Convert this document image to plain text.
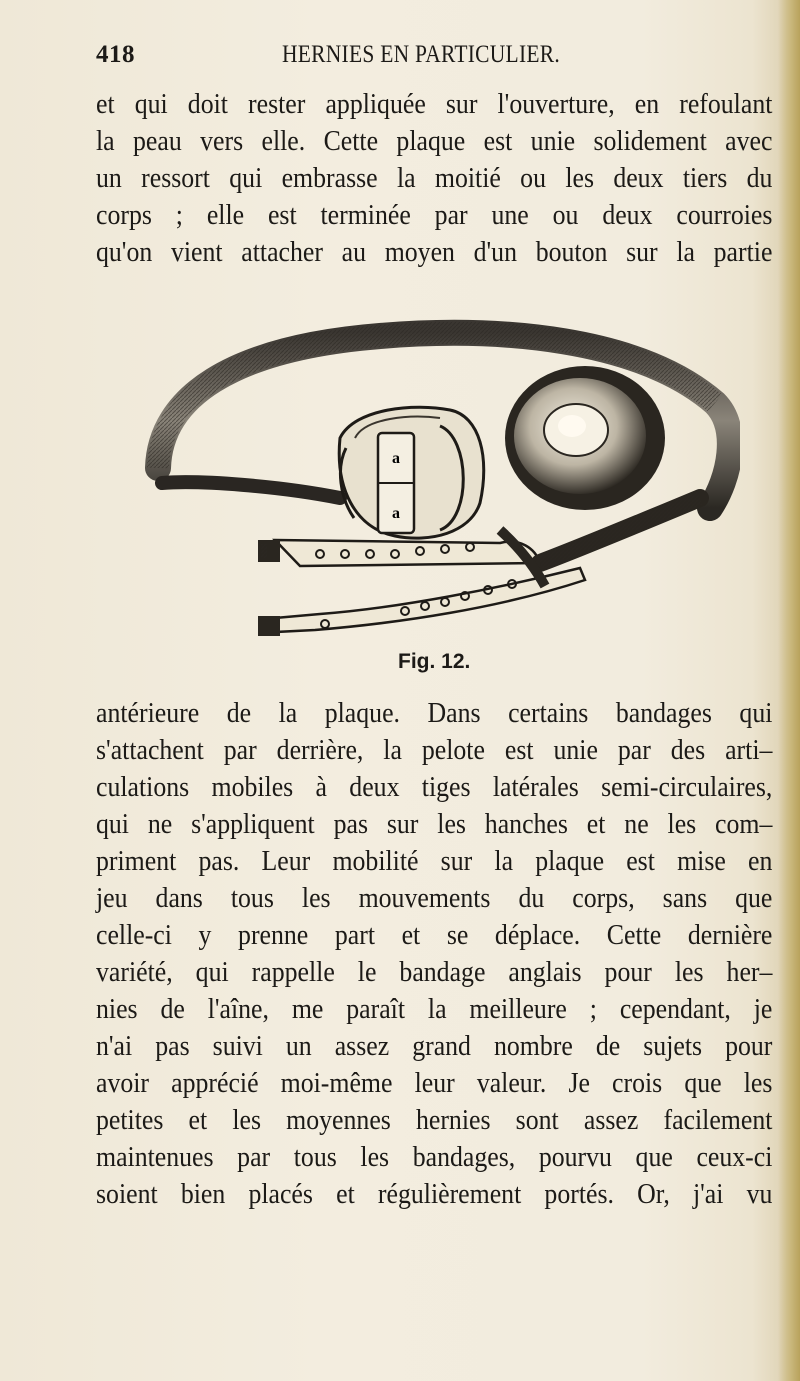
418	HERNIES EN PARTICULIER.
et qui doit rester appliquée sur l'ouverture, en refoulant
la peau vers elle. Cette plaque est unie solidement avec
un ressort qui embrasse la moitié ou les deux tiers du
corps ; elle est terminée par une ou deux courroies
qu'on vient attacher au moyen d'un bouton sur la partie
a
a
Fig. 12.
antérieure de la plaque. Dans certains bandages qui
s'attachent par derrière, la pelote est unie par des arti–
culations mobiles à deux tiges latérales semi-circulaires,
qui ne s'appliquent pas sur les hanches et ne les com–
priment pas. Leur mobilité sur la plaque est mise en
jeu dans tous les mouvements du corps, sans que
celle-ci y prenne part et se déplace. Cette dernière
variété, qui rappelle le bandage anglais pour les her–
nies de l'aîne, me paraît la meilleure ; cependant, je
n'ai pas suivi un assez grand nombre de sujets pour
avoir apprécié moi-même leur valeur. Je crois que les
petites et les moyennes hernies sont assez facilement
maintenues par tous les bandages, pourvu que ceux-ci
soient bien placés et régulièrement portés. Or, j'ai vu
